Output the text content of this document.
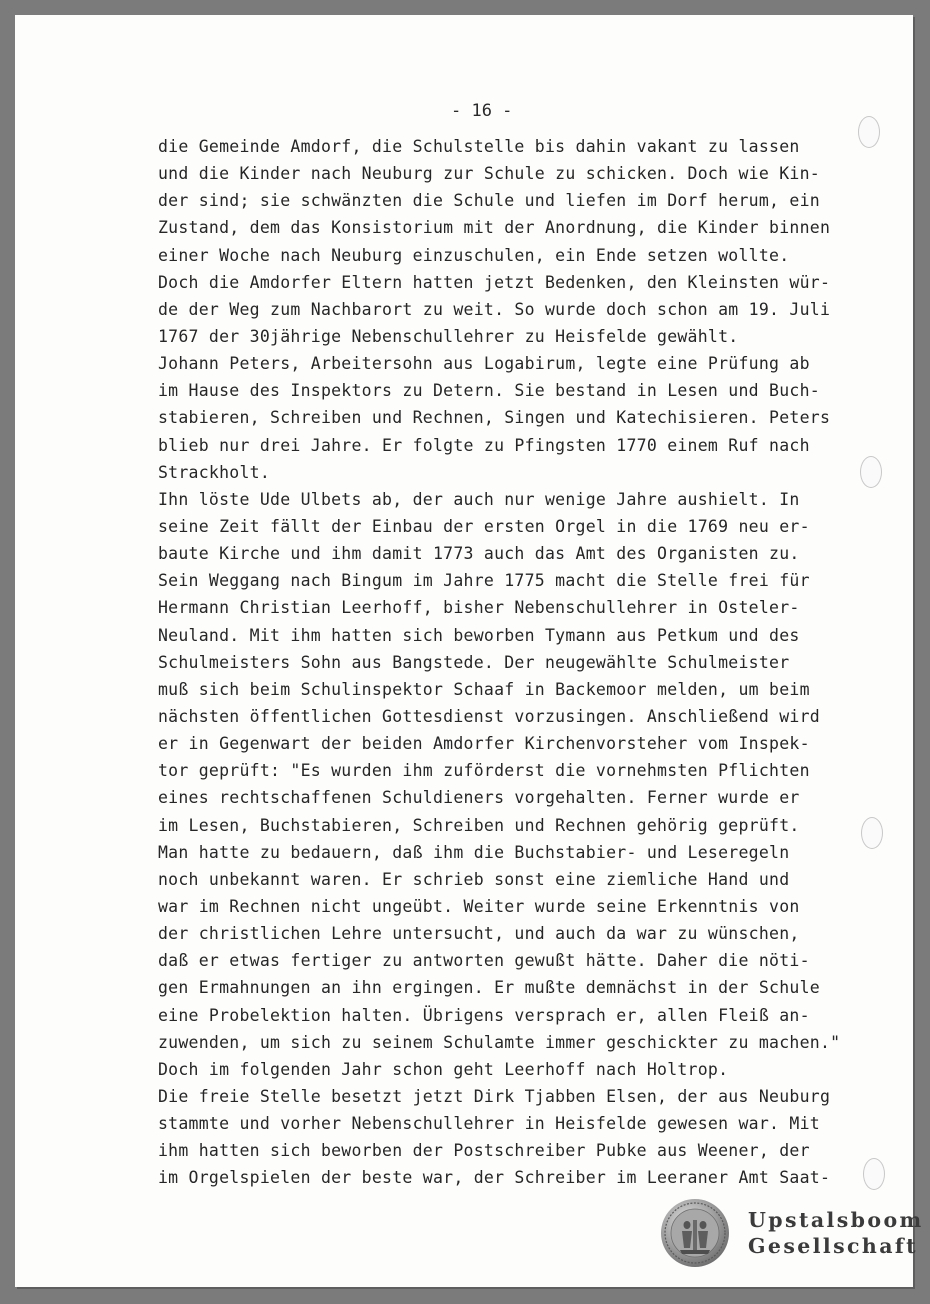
- 16 -
die Gemeinde Amdorf, die Schulstelle bis dahin vakant zu lassen
und die Kinder nach Neuburg zur Schule zu schicken. Doch wie Kin-
der sind; sie schwänzten die Schule und liefen im Dorf herum, ein
Zustand, dem das Konsistorium mit der Anordnung, die Kinder binnen
einer Woche nach Neuburg einzuschulen, ein Ende setzen wollte.
Doch die Amdorfer Eltern hatten jetzt Bedenken, den Kleinsten wür-
de der Weg zum Nachbarort zu weit. So wurde doch schon am 19. Juli
1767 der 30jährige Nebenschullehrer zu Heisfelde gewählt.
Johann Peters, Arbeitersohn aus Logabirum, legte eine Prüfung ab
im Hause des Inspektors zu Detern. Sie bestand in Lesen und Buch-
stabieren, Schreiben und Rechnen, Singen und Katechisieren. Peters
blieb nur drei Jahre. Er folgte zu Pfingsten 1770 einem Ruf nach
Strackholt.
Ihn löste Ude Ulbets ab, der auch nur wenige Jahre aushielt. In
seine Zeit fällt der Einbau der ersten Orgel in die 1769 neu er-
baute Kirche und ihm damit 1773 auch das Amt des Organisten zu.
Sein Weggang nach Bingum im Jahre 1775 macht die Stelle frei für
Hermann Christian Leerhoff, bisher Nebenschullehrer in Osteler-
Neuland. Mit ihm hatten sich beworben Tymann aus Petkum und des
Schulmeisters Sohn aus Bangstede. Der neugewählte Schulmeister
muß sich beim Schulinspektor Schaaf in Backemoor melden, um beim
nächsten öffentlichen Gottesdienst vorzusingen. Anschließend wird
er in Gegenwart der beiden Amdorfer Kirchenvorsteher vom Inspek-
tor geprüft: "Es wurden ihm zuförderst die vornehmsten Pflichten
eines rechtschaffenen Schuldieners vorgehalten. Ferner wurde er
im Lesen, Buchstabieren, Schreiben und Rechnen gehörig geprüft.
Man hatte zu bedauern, daß ihm die Buchstabier- und Leseregeln
noch unbekannt waren. Er schrieb sonst eine ziemliche Hand und
war im Rechnen nicht ungeübt. Weiter wurde seine Erkenntnis von
der christlichen Lehre untersucht, und auch da war zu wünschen,
daß er etwas fertiger zu antworten gewußt hätte. Daher die nöti-
gen Ermahnungen an ihn ergingen. Er mußte demnächst in der Schule
eine Probelektion halten. Übrigens versprach er, allen Fleiß an-
zuwenden, um sich zu seinem Schulamte immer geschickter zu machen."
Doch im folgenden Jahr schon geht Leerhoff nach Holtrop.
Die freie Stelle besetzt jetzt Dirk Tjabben Elsen, der aus Neuburg
stammte und vorher Nebenschullehrer in Heisfelde gewesen war. Mit
ihm hatten sich beworben der Postschreiber Pubke aus Weener, der
im Orgelspielen der beste war, der Schreiber im Leeraner Amt Saat-
Upstalsboom
Gesellschaft
